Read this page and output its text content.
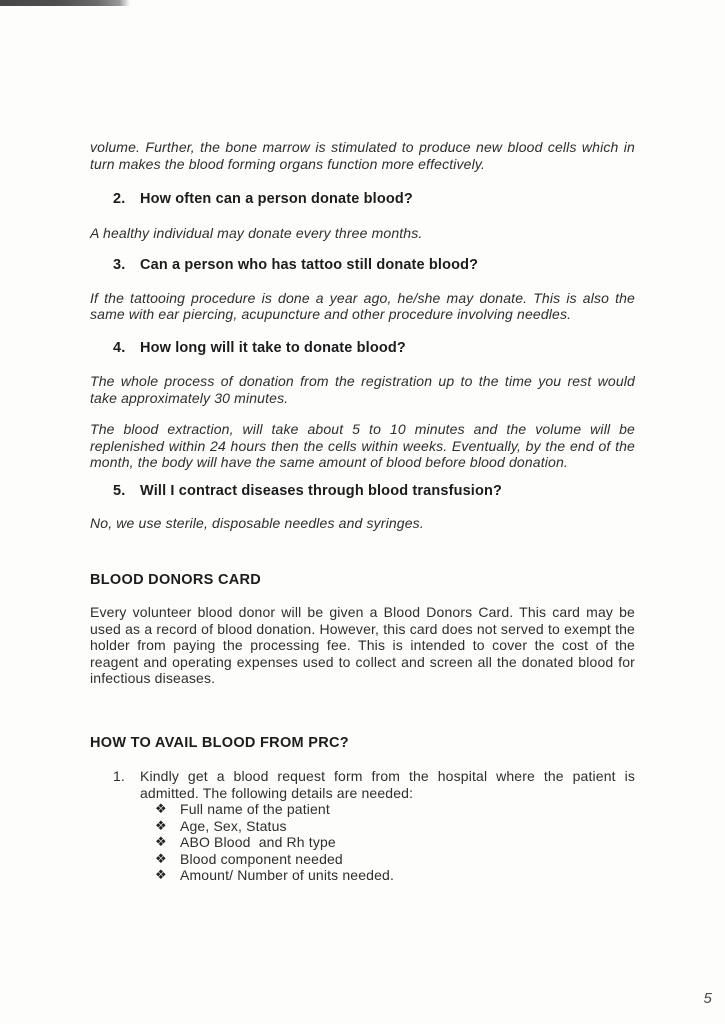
volume. Further, the bone marrow is stimulated to produce new blood cells which in turn makes the blood forming organs function more effectively.

2.	How often can a person donate blood?

A healthy individual may donate every three months.

3.	Can a person who has tattoo still donate blood?

If the tattooing procedure is done a year ago, he/she may donate. This is also the same with ear piercing, acupuncture and other procedure involving needles.

4.	How long will it take to donate blood?

The whole process of donation from the registration up to the time you rest would take approximately 30 minutes.

The blood extraction, will take about 5 to 10 minutes and the volume will be replenished within 24 hours then the cells within weeks. Eventually, by the end of the month, the body will have the same amount of blood before blood donation.

5.	Will I contract diseases through blood transfusion?

No, we use sterile, disposable needles and syringes.

BLOOD DONORS CARD

Every volunteer blood donor will be given a Blood Donors Card. This card may be used as a record of blood donation. However, this card does not served to exempt the holder from paying the processing fee. This is intended to cover the cost of the reagent and operating expenses used to collect and screen all the donated blood for infectious diseases.

HOW TO AVAIL BLOOD FROM PRC?
1.	Kindly get a blood request form from the hospital where the patient is admitted. The following details are needed:
❖ Full name of the patient
❖ Age, Sex, Status
❖ ABO Blood  and Rh type
❖ Blood component needed
❖ Amount/ Number of units needed.
5
